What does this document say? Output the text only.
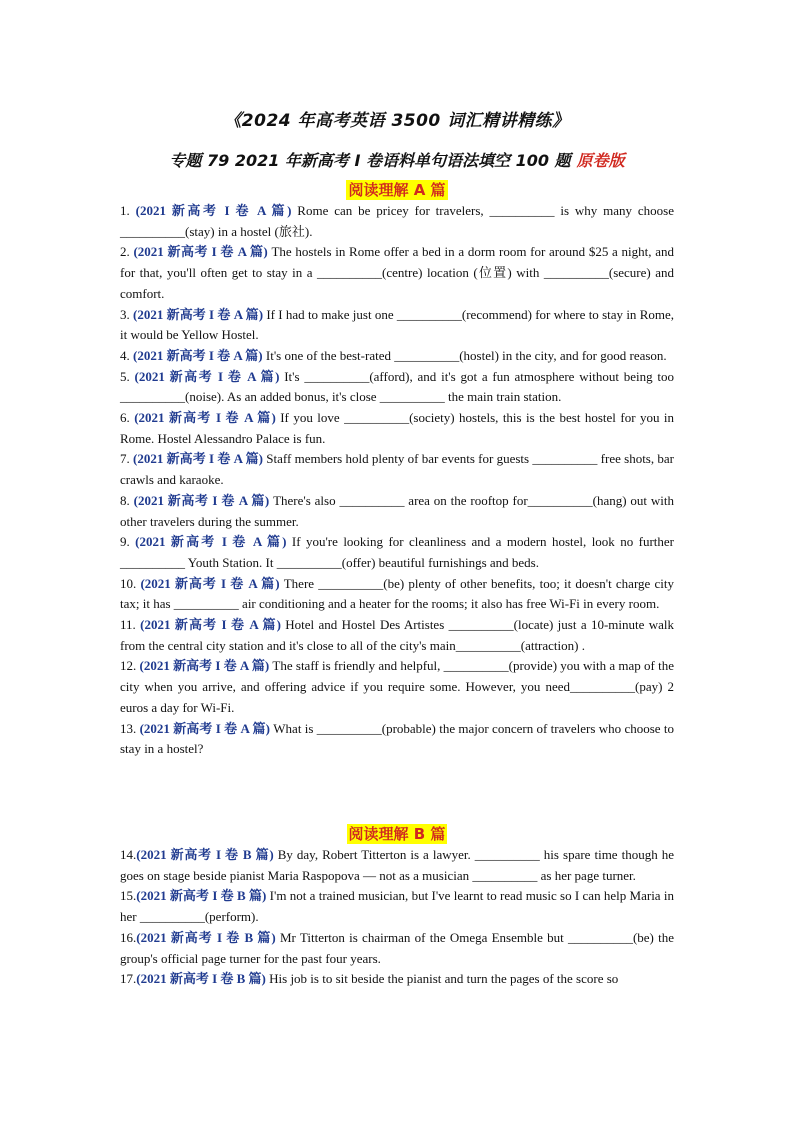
《2024 年高考英语 3500 词汇精讲精练》
专题 79 2021 年新高考 I 卷语料单句语法填空 100 题 原卷版
阅读理解 A 篇

1. (2021 新高考 I 卷 A 篇) Rome can be pricey for travelers, __________ is why many choose __________(stay) in a hostel (旅社).

2. (2021 新高考 I 卷 A 篇) The hostels in Rome offer a bed in a dorm room for around $25 a night, and for that, you'll often get to stay in a __________(centre) location (位置) with __________(secure) and comfort.

3. (2021 新高考 I 卷 A 篇) If I had to make just one __________(recommend) for where to stay in Rome, it would be Yellow Hostel.

4. (2021 新高考 I 卷 A 篇) It's one of the best-rated __________(hostel) in the city, and for good reason.

5. (2021 新高考 I 卷 A 篇) It's __________(afford), and it's got a fun atmosphere without being too __________(noise). As an added bonus, it's close __________ the main train station.

6. (2021 新高考 I 卷 A 篇) If you love __________(society) hostels, this is the best hostel for you in Rome. Hostel Alessandro Palace is fun.

7. (2021 新高考 I 卷 A 篇) Staff members hold plenty of bar events for guests __________ free shots, bar crawls and karaoke.

8. (2021 新高考 I 卷 A 篇) There's also __________ area on the rooftop for__________(hang) out with other travelers during the summer.

9. (2021 新高考 I 卷 A 篇) If you're looking for cleanliness and a modern hostel, look no further __________ Youth Station. It __________(offer) beautiful furnishings and beds.

10. (2021 新高考 I 卷 A 篇) There __________(be) plenty of other benefits, too; it doesn't charge city tax; it has __________ air conditioning and a heater for the rooms; it also has free Wi-Fi in every room.

11. (2021 新高考 I 卷 A 篇) Hotel and Hostel Des Artistes __________(locate) just a 10-minute walk from the central city station and it's close to all of the city's main__________(attraction) .

12. (2021 新高考 I 卷 A 篇) The staff is friendly and helpful, __________(provide) you with a map of the city when you arrive, and offering advice if you require some. However, you need__________(pay) 2 euros a day for Wi-Fi.

13. (2021 新高考 I 卷 A 篇) What is __________(probable) the major concern of travelers who choose to stay in a hostel?

阅读理解 B 篇

14.(2021 新高考 I 卷 B 篇) By day, Robert Titterton is a lawyer. __________ his spare time though he goes on stage beside pianist Maria Raspopova — not as a musician __________ as her page turner.

15.(2021 新高考 I 卷 B 篇) I'm not a trained musician, but I've learnt to read music so I can help Maria in her __________(perform).

16.(2021 新高考 I 卷 B 篇) Mr Titterton is chairman of the Omega Ensemble but __________(be) the group's official page turner for the past four years.

17.(2021 新高考 I 卷 B 篇) His job is to sit beside the pianist and turn the pages of the score so
